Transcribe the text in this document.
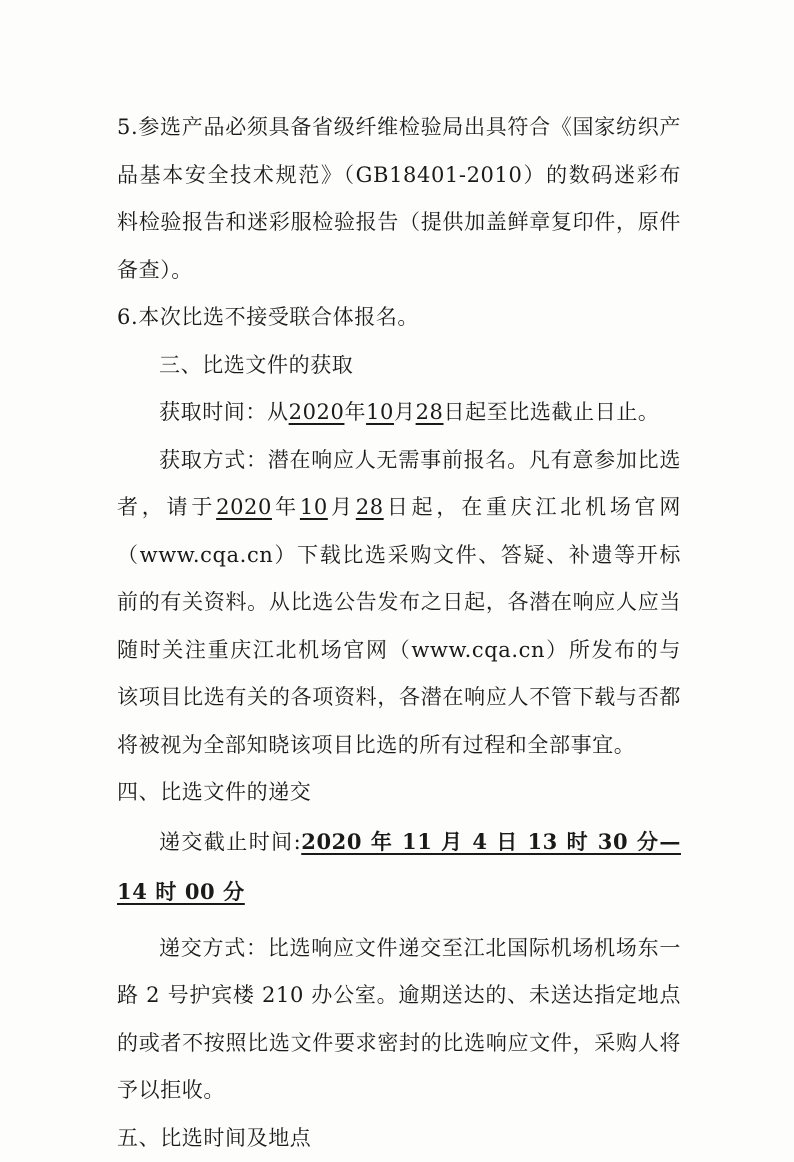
5.参选产品必须具备省级纤维检验局出具符合《国家纺织产品基本安全技术规范》（GB18401-2010）的数码迷彩布料检验报告和迷彩服检验报告（提供加盖鲜章复印件，原件备查）。

6.本次比选不接受联合体报名。

三、比选文件的获取

获取时间：从2020年10月28日起至比选截止日止。

获取方式：潜在响应人无需事前报名。凡有意参加比选者，请于2020年10月28日起，在重庆江北机场官网（www.cqa.cn）下载比选采购文件、答疑、补遗等开标前的有关资料。从比选公告发布之日起，各潜在响应人应当随时关注重庆江北机场官网（www.cqa.cn）所发布的与该项目比选有关的各项资料，各潜在响应人不管下载与否都将被视为全部知晓该项目比选的所有过程和全部事宜。

四、比选文件的递交

递交截止时间:2020 年 11 月 4 日 13 时 30 分—14 时 00 分

递交方式：比选响应文件递交至江北国际机场机场东一路 2 号护宾楼 210 办公室。逾期送达的、未送达指定地点的或者不按照比选文件要求密封的比选响应文件，采购人将予以拒收。

五、比选时间及地点
